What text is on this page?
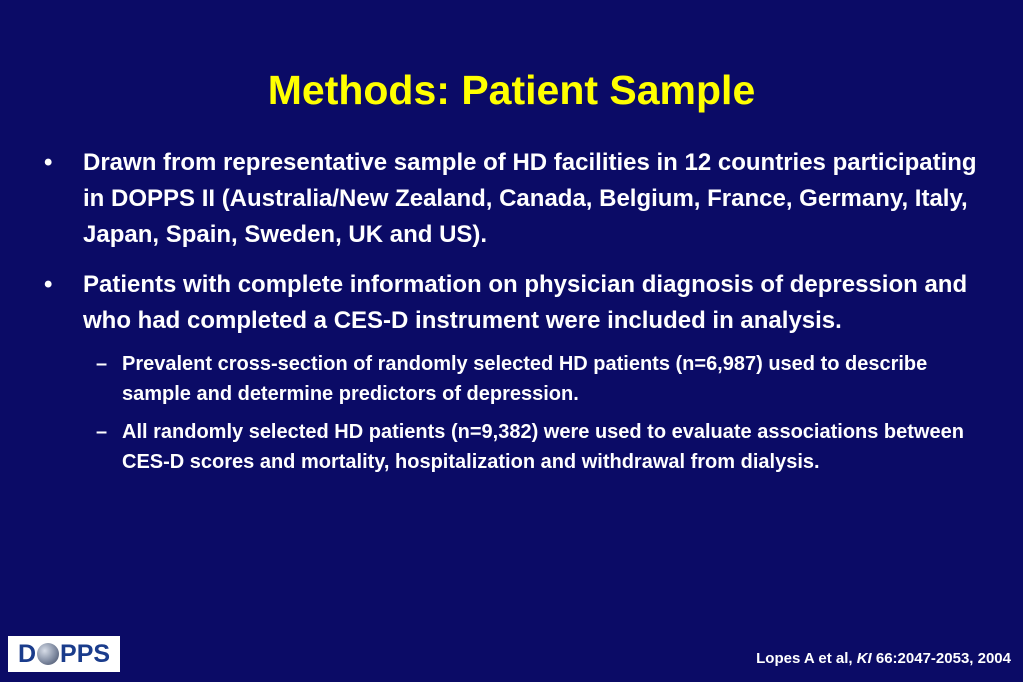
Methods: Patient Sample
• Drawn from representative sample of HD facilities in 12 countries participating in DOPPS II (Australia/New Zealand, Canada, Belgium, France, Germany, Italy, Japan, Spain, Sweden, UK and US).
• Patients with complete information on physician diagnosis of depression and who had completed a CES-D instrument were included in analysis.
– Prevalent cross-section of randomly selected HD patients (n=6,987) used to describe sample and determine predictors of depression.
– All randomly selected HD patients (n=9,382) were used to evaluate associations between CES-D scores and mortality, hospitalization and withdrawal from dialysis.
D PPS	Lopes A et al, KI 66:2047-2053, 2004
